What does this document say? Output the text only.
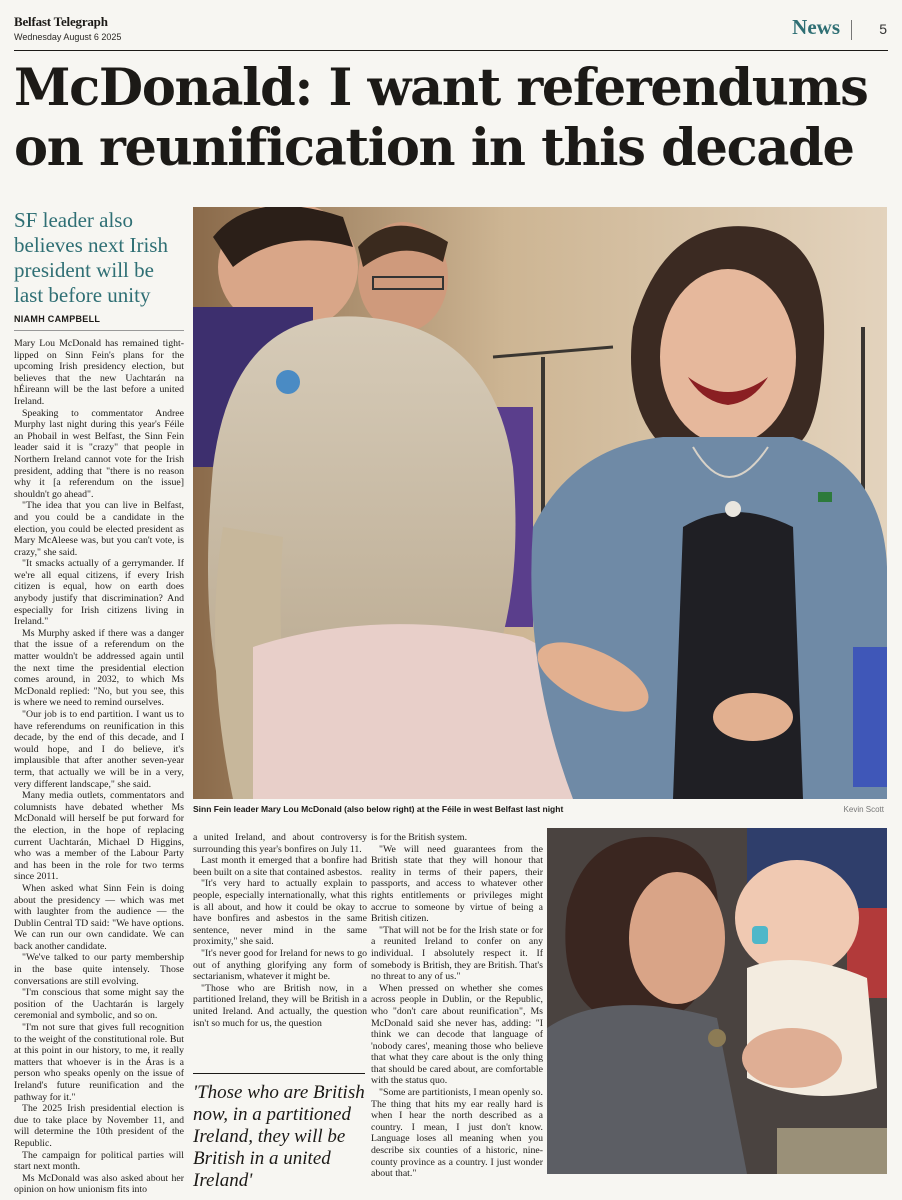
Belfast Telegraph
Wednesday August 6 2025	News	5
McDonald: I want referendums on reunification in this decade
SF leader also believes next Irish president will be last before unity
NIAMH CAMPBELL

Mary Lou McDonald has remained tight-lipped on Sinn Fein's plans for the upcoming Irish presidency election, but believes that the new Uachtarán na hÉireann will be the last before a united Ireland.

Speaking to commentator Andree Murphy last night during this year's Féile an Phobail in west Belfast, the Sinn Fein leader said it is "crazy" that people in Northern Ireland cannot vote for the Irish president, adding that "there is no reason why it [a referendum on the issue] shouldn't go ahead".

"The idea that you can live in Belfast, and you could be a candidate in the election, you could be elected president as Mary McAleese was, but you can't vote, is crazy," she said.

"It smacks actually of a gerrymander. If we're all equal citizens, if every Irish citizen is equal, how on earth does anybody justify that discrimination? And especially for Irish citizens living in Ireland."

Ms Murphy asked if there was a danger that the issue of a referendum on the matter wouldn't be addressed again until the next time the presidential election comes around, in 2032, to which Ms McDonald replied: "No, but you see, this is where we need to remind ourselves.

"Our job is to end partition. I want us to have referendums on reunification in this decade, by the end of this decade, and I would hope, and I do believe, it's implausible that after another seven-year term, that actually we will be in a very, very different landscape," she said.

Many media outlets, commentators and columnists have debated whether Ms McDonald will herself be put forward for the election, in the hope of replacing current Uachtarán, Michael D Higgins, who was a member of the Labour Party and has been in the role for two terms since 2011.

When asked what Sinn Fein is doing about the presidency — which was met with laughter from the audience — the Dublin Central TD said: "We have options. We can run our own candidate. We can back another candidate.

"We've talked to our party membership in the base quite intensely. Those conversations are still evolving.

"I'm conscious that some might say the position of the Uachtarán is largely ceremonial and symbolic, and so on.

"I'm not sure that gives full recognition to the weight of the constitutional role. But at this point in our history, to me, it really matters that whoever is in the Áras is a person who speaks openly on the issue of Ireland's future reunification and the pathway for it."

The 2025 Irish presidential election is due to take place by November 11, and will determine the 10th president of the Republic.

The campaign for political parties will start next month.

Ms McDonald was also asked about her opinion on how unionism fits into

Sinn Fein leader Mary Lou McDonald (also below right) at the Féile in west Belfast last night	Kevin Scott

a united Ireland, and about controversy surrounding this year's bonfires on July 11.

Last month it emerged that a bonfire had been built on a site that contained asbestos.

"It's very hard to actually explain to people, especially internationally, what this is all about, and how it could be okay to have bonfires and asbestos in the same sentence, never mind in the same proximity," she said.

"It's never good for Ireland for news to go out of anything glorifying any form of sectarianism, whatever it might be.

"Those who are British now, in a partitioned Ireland, they will be British in a united Ireland. And actually, the question isn't so much for us, the question

'Those who are British now, in a partitioned Ireland, they will be British in a united Ireland'

is for the British system.

"We will need guarantees from the British state that they will honour that reality in terms of their papers, their passports, and access to whatever other rights entitlements or privileges might accrue to someone by virtue of being a British citizen.

"That will not be for the Irish state or for a reunited Ireland to confer on any individual. I absolutely respect it. If somebody is British, they are British. That's no threat to any of us."

When pressed on whether she comes across people in Dublin, or the Republic, who "don't care about reunification", Ms McDonald said she never has, adding: "I think we can decode that language of 'nobody cares', meaning those who believe that what they care about is the only thing that should be cared about, are comfortable with the status quo.

"Some are partitionists, I mean openly so. The thing that hits my ear really hard is when I hear the north described as a country. I mean, I just don't know. Language loses all meaning when you describe six counties of a historic, nine-county province as a country. I just wonder about that."
